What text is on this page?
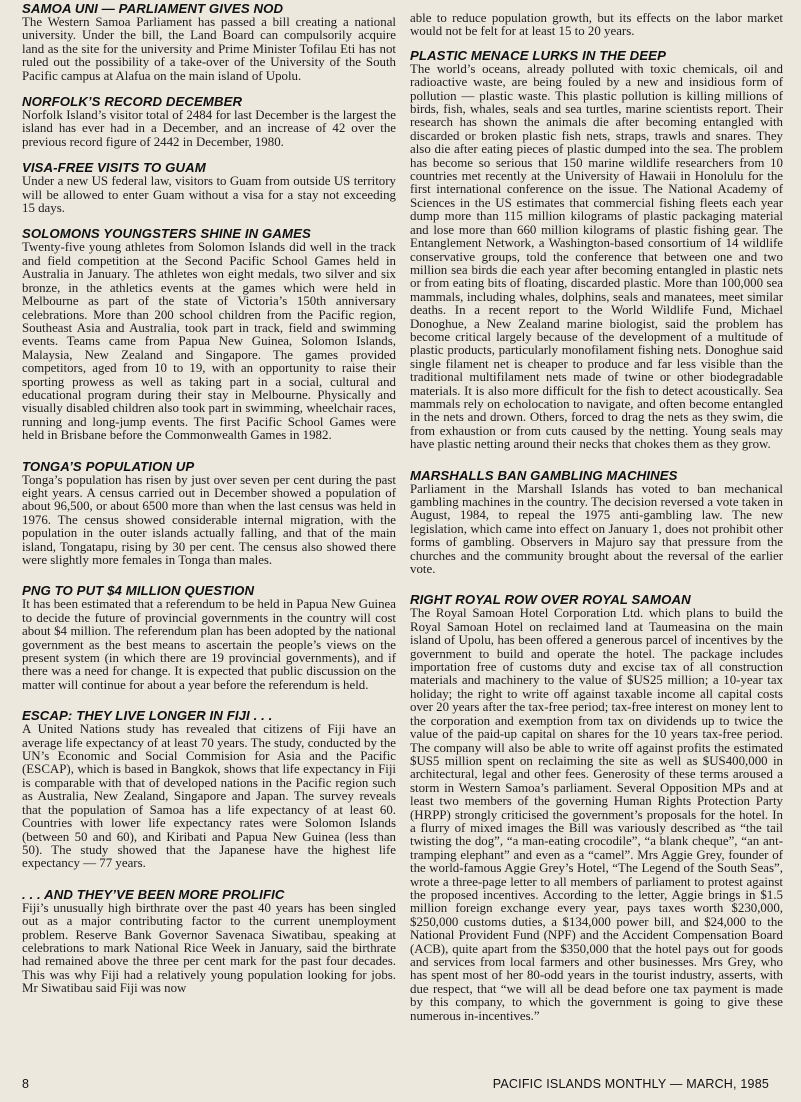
SAMOA UNI — PARLIAMENT GIVES NOD

The Western Samoa Parliament has passed a bill creating a national university. Under the bill, the Land Board can compulsorily acquire land as the site for the university and Prime Minister Tofilau Eti has not ruled out the possibility of a take-over of the University of the South Pacific campus at Alafua on the main island of Upolu.

NORFOLK’S RECORD DECEMBER

Norfolk Island’s visitor total of 2484 for last December is the largest the island has ever had in a December, and an increase of 42 over the previous record figure of 2442 in December, 1980.

VISA-FREE VISITS TO GUAM

Under a new US federal law, visitors to Guam from outside US territory will be allowed to enter Guam without a visa for a stay not exceeding 15 days.

SOLOMONS YOUNGSTERS SHINE IN GAMES

Twenty-five young athletes from Solomon Islands did well in the track and field competition at the Second Pacific School Games held in Australia in January. The athletes won eight medals, two silver and six bronze, in the athletics events at the games which were held in Melbourne as part of the state of Victoria’s 150th anniversary celebrations. More than 200 school children from the Pacific region, Southeast Asia and Australia, took part in track, field and swimming events. Teams came from Papua New Guinea, Solomon Islands, Malaysia, New Zealand and Singapore. The games provided competitors, aged from 10 to 19, with an opportunity to raise their sporting prowess as well as taking part in a social, cultural and educational program during their stay in Melbourne. Physically and visually disabled children also took part in swimming, wheelchair races, running and long-jump events. The first Pacific School Games were held in Brisbane before the Commonwealth Games in 1982.

TONGA’S POPULATION UP

Tonga’s population has risen by just over seven per cent during the past eight years. A census carried out in December showed a population of about 96,500, or about 6500 more than when the last census was held in 1976. The census showed considerable internal migration, with the population in the outer islands actually falling, and that of the main island, Tongatapu, rising by 30 per cent. The census also showed there were slightly more females in Tonga than males.

PNG TO PUT $4 MILLION QUESTION

It has been estimated that a referendum to be held in Papua New Guinea to decide the future of provincial governments in the country will cost about $4 million. The referendum plan has been adopted by the national government as the best means to ascertain the people’s views on the present system (in which there are 19 provincial governments), and if there was a need for change. It is expected that public discussion on the matter will continue for about a year before the referendum is held.

ESCAP: THEY LIVE LONGER IN FIJI . . .

A United Nations study has revealed that citizens of Fiji have an average life expectancy of at least 70 years. The study, conducted by the UN’s Economic and Social Commision for Asia and the Pacific (ESCAP), which is based in Bangkok, shows that life expectancy in Fiji is comparable with that of developed nations in the Pacific region such as Australia, New Zealand, Singapore and Japan. The survey reveals that the population of Samoa has a life expectancy of at least 60. Countries with lower life expectancy rates were Solomon Islands (between 50 and 60), and Kiribati and Papua New Guinea (less than 50). The study showed that the Japanese have the highest life expectancy — 77 years.

. . . AND THEY’VE BEEN MORE PROLIFIC

Fiji’s unusually high birthrate over the past 40 years has been singled out as a major contributing factor to the current unemployment problem. Reserve Bank Governor Savenaca Siwatibau, speaking at celebrations to mark National Rice Week in January, said the birthrate had remained above the three per cent mark for the past four decades. This was why Fiji had a relatively young population looking for jobs. Mr Siwatibau said Fiji was now

able to reduce population growth, but its effects on the labor market would not be felt for at least 15 to 20 years.

PLASTIC MENACE LURKS IN THE DEEP

The world’s oceans, already polluted with toxic chemicals, oil and radioactive waste, are being fouled by a new and insidious form of pollution — plastic waste. This plastic pollution is killing millions of birds, fish, whales, seals and sea turtles, marine scientists report. Their research has shown the animals die after becoming entangled with discarded or broken plastic fish nets, straps, trawls and snares. They also die after eating pieces of plastic dumped into the sea. The problem has become so serious that 150 marine wildlife researchers from 10 countries met recently at the University of Hawaii in Honolulu for the first international conference on the issue. The National Academy of Sciences in the US estimates that commercial fishing fleets each year dump more than 115 million kilograms of plastic packaging material and lose more than 660 million kilograms of plastic fishing gear. The Entanglement Network, a Washington-based consortium of 14 wildlife conservative groups, told the conference that between one and two million sea birds die each year after becoming entangled in plastic nets or from eating bits of floating, discarded plastic. More than 100,000 sea mammals, including whales, dolphins, seals and manatees, meet similar deaths. In a recent report to the World Wildlife Fund, Michael Donoghue, a New Zealand marine biologist, said the problem has become critical largely because of the development of a multitude of plastic products, particularly monofilament fishing nets. Donoghue said single filament net is cheaper to produce and far less visible than the traditional multifilament nets made of twine or other biodegradable materials. It is also more difficult for the fish to detect acoustically. Sea mammals rely on echolocation to navigate, and often become entangled in the nets and drown. Others, forced to drag the nets as they swim, die from exhaustion or from cuts caused by the netting. Young seals may have plastic netting around their necks that chokes them as they grow.

MARSHALLS BAN GAMBLING MACHINES

Parliament in the Marshall Islands has voted to ban mechanical gambling machines in the country. The decision reversed a vote taken in August, 1984, to repeal the 1975 anti-gambling law. The new legislation, which came into effect on January 1, does not prohibit other forms of gambling. Observers in Majuro say that pressure from the churches and the community brought about the reversal of the earlier vote.

RIGHT ROYAL ROW OVER ROYAL SAMOAN

The Royal Samoan Hotel Corporation Ltd. which plans to build the Royal Samoan Hotel on reclaimed land at Taumeasina on the main island of Upolu, has been offered a generous parcel of incentives by the government to build and operate the hotel. The package includes importation free of customs duty and excise tax of all construction materials and machinery to the value of $US25 million; a 10-year tax holiday; the right to write off against taxable income all capital costs over 20 years after the tax-free period; tax-free interest on money lent to the corporation and exemption from tax on dividends up to twice the value of the paid-up capital on shares for the 10 years tax-free period. The company will also be able to write off against profits the estimated $US5 million spent on reclaiming the site as well as $US400,000 in architectural, legal and other fees. Generosity of these terms aroused a storm in Western Samoa’s parliament. Several Opposition MPs and at least two members of the governing Human Rights Protection Party (HRPP) strongly criticised the government’s proposals for the hotel. In a flurry of mixed images the Bill was variously described as “the tail twisting the dog”, “a man-eating crocodile”, “a blank cheque”, “an ant-tramping elephant” and even as a “camel”. Mrs Aggie Grey, founder of the world-famous Aggie Grey’s Hotel, “The Legend of the South Seas”, wrote a three-page letter to all members of parliament to protest against the proposed incentives. According to the letter, Aggie brings in $1.5 million foreign exchange every year, pays taxes worth $230,000, $250,000 customs duties, a $134,000 power bill, and $24,000 to the National Provident Fund (NPF) and the Accident Compensation Board (ACB), quite apart from the $350,000 that the hotel pays out for goods and services from local farmers and other businesses. Mrs Grey, who has spent most of her 80-odd years in the tourist industry, asserts, with due respect, that “we will all be dead before one tax payment is made by this company, to which the government is going to give these numerous in-incentives.”

8	PACIFIC ISLANDS MONTHLY — MARCH, 1985
